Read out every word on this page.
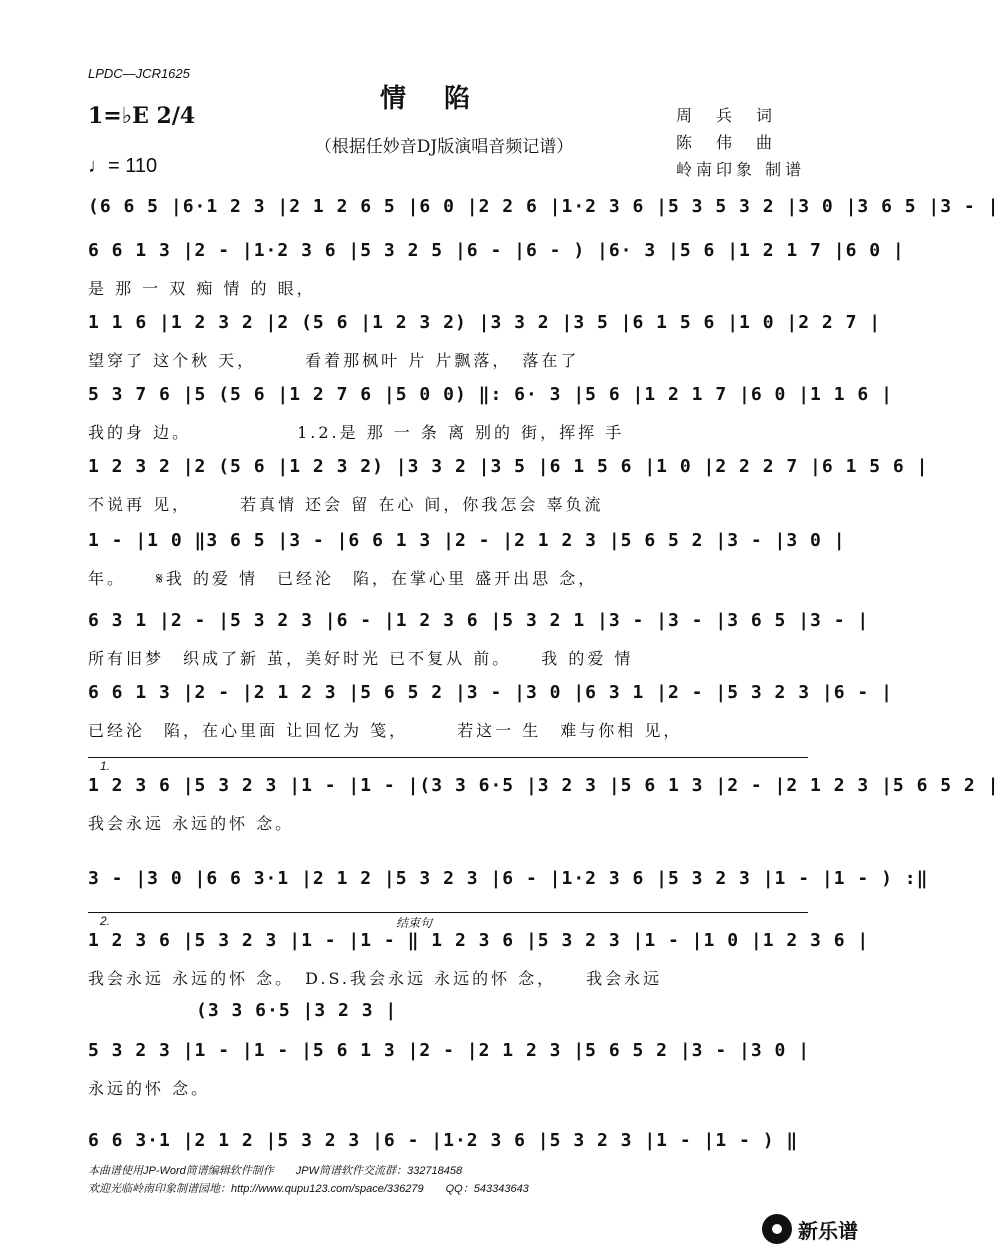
LPDC—JCR1625
情陷
（根据任妙音DJ版演唱音频记谱）
1=♭E 2/4
♩= 110
周　兵　词
陈　伟　曲
岭南印象 制谱
(6 6 5 |6·1 2 3 |2 1 2 6 5 |6 0 |2 2 6 |1·2 3 6 |5 3 5 3 2 |3 0 |3 6 5 |3 - |
6 6 1 3 |2 - |1·2 3 6 |5 3 2 5 |6 - |6 - ) |6· 3 |5 6 |1 2 1 7 |6 0 |
是 那 一 双 痴 情 的 眼，
1 1 6 |1 2 3 2 |2 (5 6 |1 2 3 2) |3 3 2 |3 5 |6 1 5 6 |1 0 |2 2 7 |
望穿了 这个秋 天，　　　看着那枫叶 片 片飘落，　落在了
5 3 7 6 |5 (5 6 |1 2 7 6 |5 0 0) ‖: 6· 3 |5 6 |1 2 1 7 |6 0 |1 1 6 |
我的身 边。　　　　　　1.2.是 那 一 条 离 别的 街，挥挥 手
1 2 3 2 |2 (5 6 |1 2 3 2) |3 3 2 |3 5 |6 1 5 6 |1 0 |2 2 2 7 |6 1 5 6 |
不说再 见，　　　若真情 还会 留 在心 间，你我怎会 辜负流
1 - |1 0 ‖3 6 5 |3 - |6 6 1 3 |2 - |2 1 2 3 |5 6 5 2 |3 - |3 0 |
年。　　𝄋我 的爱 情　已经沦　陷，在掌心里 盛开出思 念，
6 3 1 |2 - |5 3 2 3 |6 - |1 2 3 6 |5 3 2 1 |3 - |3 - |3 6 5 |3 - |
所有旧梦　织成了新 茧，美好时光 已不复从 前。　　我 的爱 情
6 6 1 3 |2 - |2 1 2 3 |5 6 5 2 |3 - |3 0 |6 3 1 |2 - |5 3 2 3 |6 - |
已经沦　陷，在心里面 让回忆为 笺，　　　若这一 生　难与你相 见，
1.
1 2 3 6 |5 3 2 3 |1 - |1 - |(3 3 6·5 |3 2 3 |5 6 1 3 |2 - |2 1 2 3 |5 6 5 2 |
我会永远 永远的怀 念。
3 - |3 0 |6 6 3·1 |2 1 2 |5 3 2 3 |6 - |1·2 3 6 |5 3 2 3 |1 - |1 - ) :‖
2.	结束句
1 2 3 6 |5 3 2 3 |1 - |1 - ‖ 1 2 3 6 |5 3 2 3 |1 - |1 0 |1 2 3 6 |
我会永远 永远的怀 念。　D.S.我会永远 永远的怀 念，　　我会永远
(3 3 6·5 |3 2 3 |
5 3 2 3 |1 - |1 - |5 6 1 3 |2 - |2 1 2 3 |5 6 5 2 |3 - |3 0 |
永远的怀 念。
6 6 3·1 |2 1 2 |5 3 2 3 |6 - |1·2 3 6 |5 3 2 3 |1 - |1 - ) ‖
本曲谱使用JP-Word简谱编辑软件制作　　JPW简谱软件交流群：332718458
欢迎光临岭南印象制谱园地：http://www.qupu123.com/space/336279　　QQ：543343643
新乐谱
